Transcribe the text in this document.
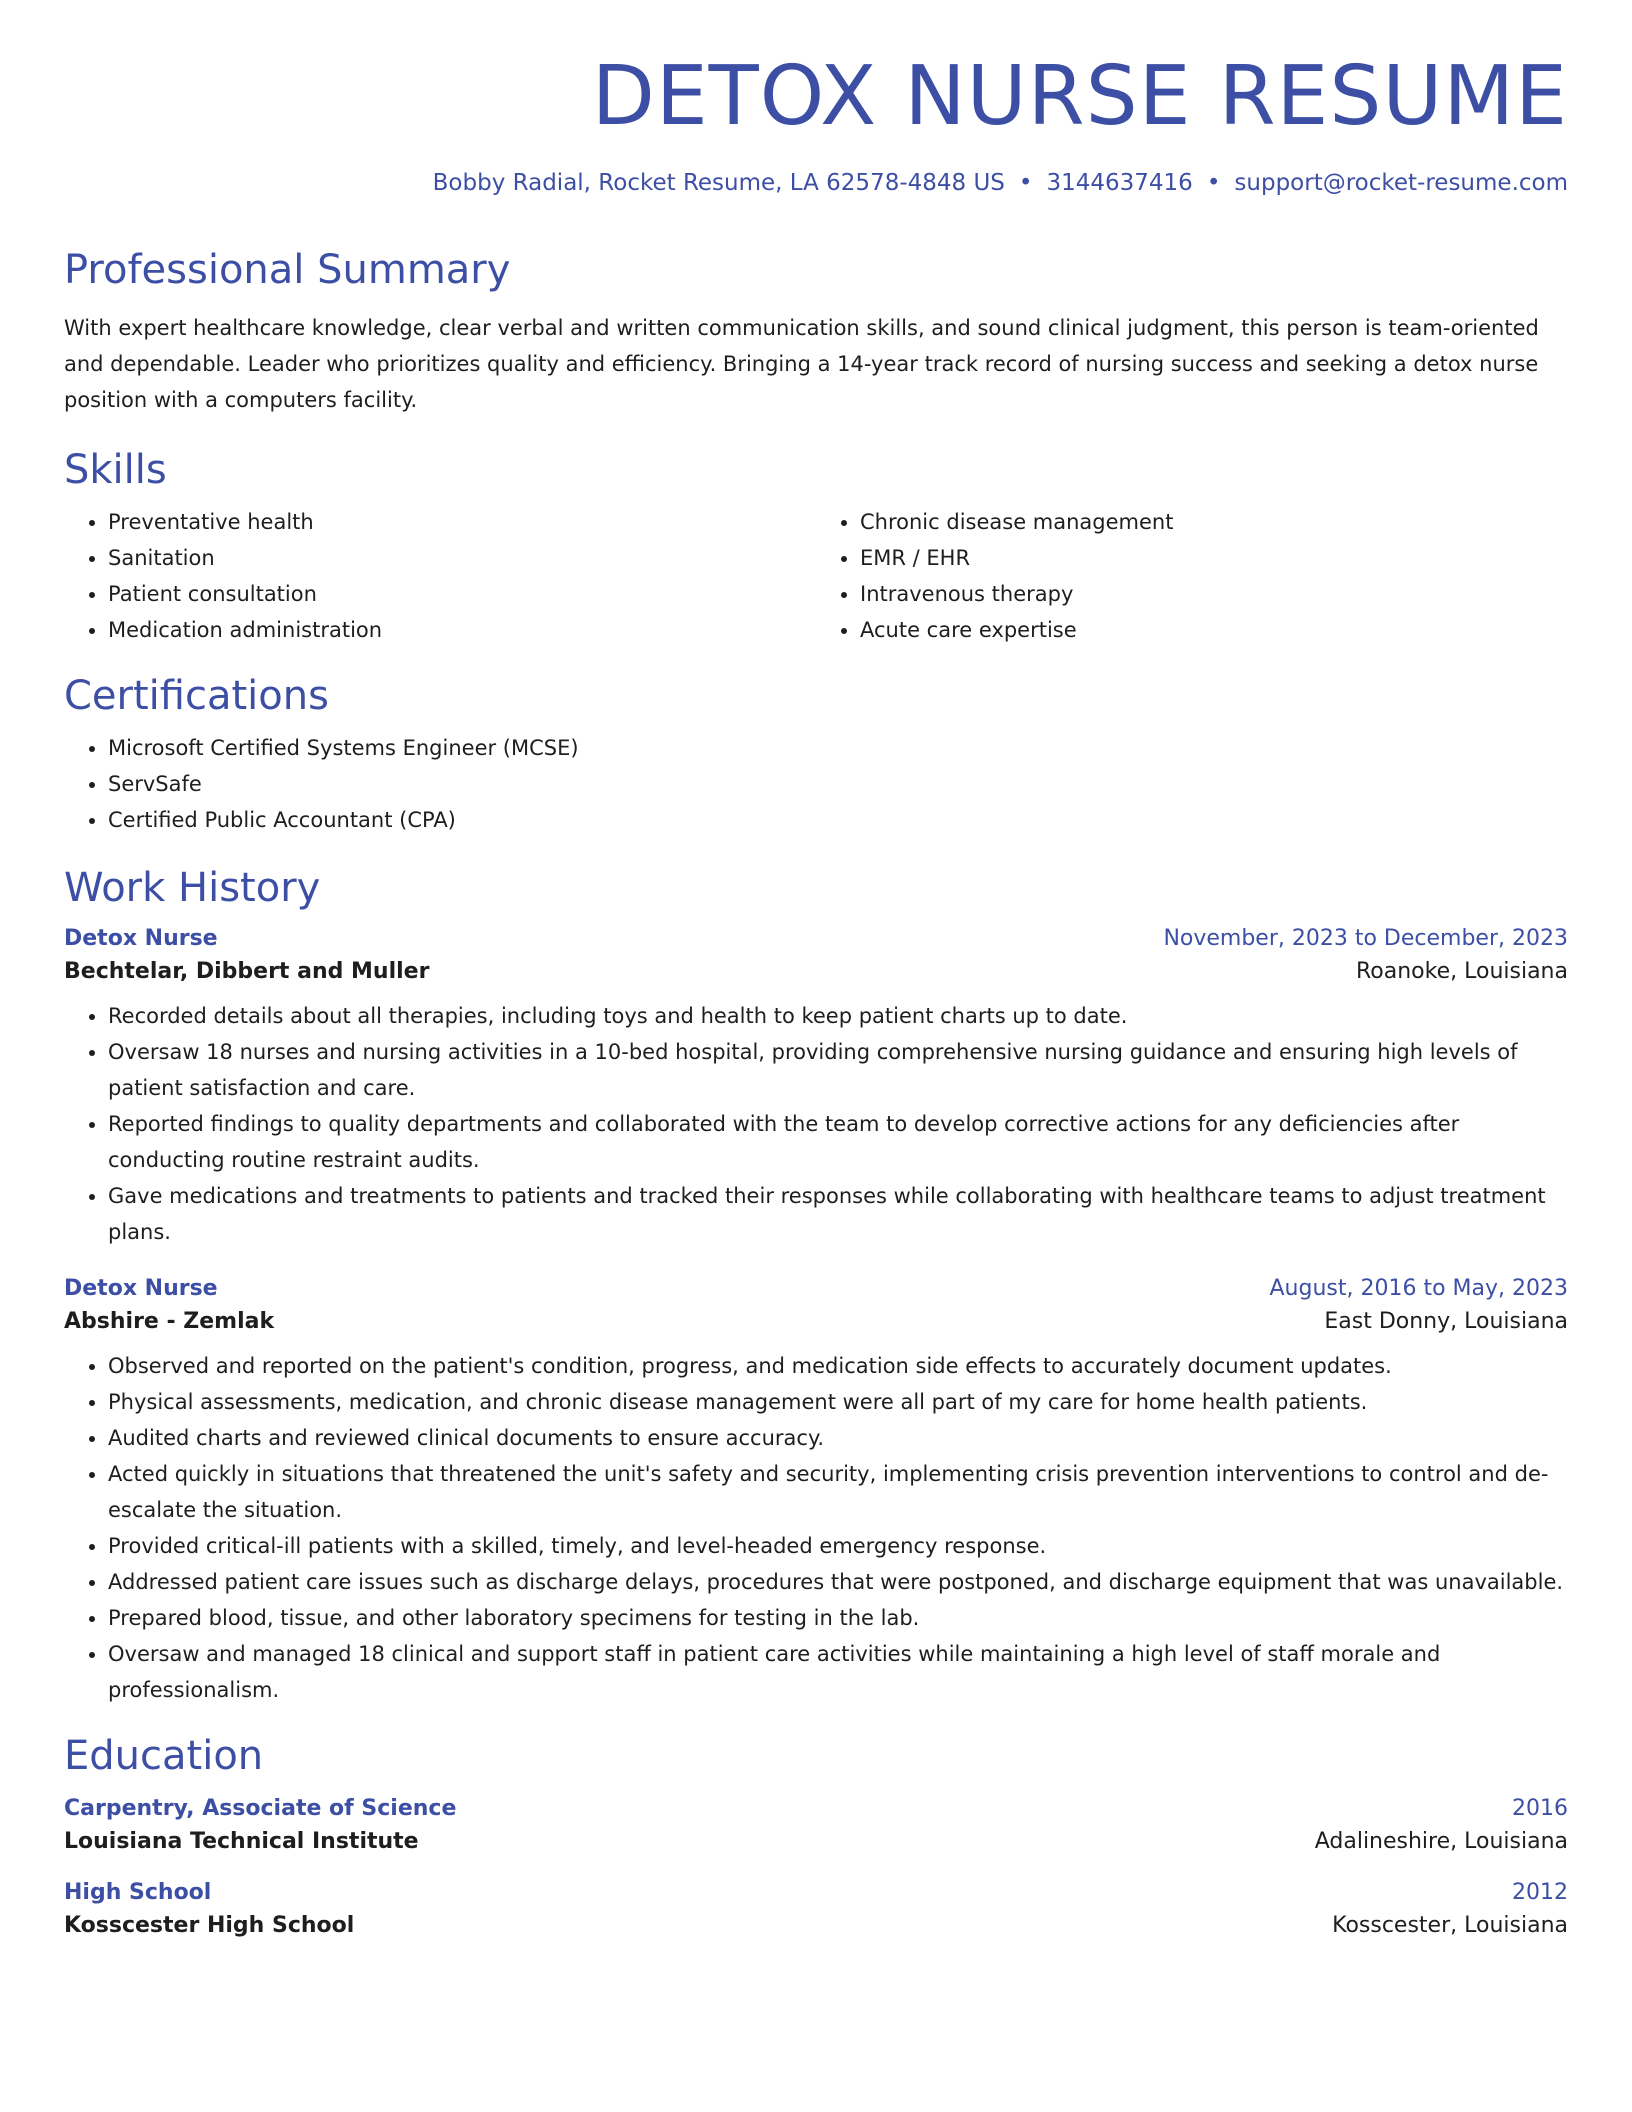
DETOX NURSE RESUME
Bobby Radial, Rocket Resume, LA 62578-4848 US • 3144637416 • support@rocket-resume.com
Professional Summary

With expert healthcare knowledge, clear verbal and written communication skills, and sound clinical judgment, this person is team-oriented and dependable. Leader who prioritizes quality and efficiency. Bringing a 14-year track record of nursing success and seeking a detox nurse position with a computers facility.

Skills
• Preventative health
• Sanitation
• Patient consultation
• Medication administration
• Chronic disease management
• EMR / EHR
• Intravenous therapy
• Acute care expertise
Certifications
• Microsoft Certified Systems Engineer (MCSE)
• ServSafe
• Certified Public Accountant (CPA)
Work History
Detox Nurse	November, 2023 to December, 2023
Bechtelar, Dibbert and Muller	Roanoke, Louisiana
• Recorded details about all therapies, including toys and health to keep patient charts up to date.
• Oversaw 18 nurses and nursing activities in a 10-bed hospital, providing comprehensive nursing guidance and ensuring high levels of patient satisfaction and care.
• Reported findings to quality departments and collaborated with the team to develop corrective actions for any deficiencies after conducting routine restraint audits.
• Gave medications and treatments to patients and tracked their responses while collaborating with healthcare teams to adjust treatment plans.
Detox Nurse	August, 2016 to May, 2023
Abshire - Zemlak	East Donny, Louisiana
• Observed and reported on the patient's condition, progress, and medication side effects to accurately document updates.
• Physical assessments, medication, and chronic disease management were all part of my care for home health patients.
• Audited charts and reviewed clinical documents to ensure accuracy.
• Acted quickly in situations that threatened the unit's safety and security, implementing crisis prevention interventions to control and de-escalate the situation.
• Provided critical-ill patients with a skilled, timely, and level-headed emergency response.
• Addressed patient care issues such as discharge delays, procedures that were postponed, and discharge equipment that was unavailable.
• Prepared blood, tissue, and other laboratory specimens for testing in the lab.
• Oversaw and managed 18 clinical and support staff in patient care activities while maintaining a high level of staff morale and professionalism.
Education
Carpentry, Associate of Science	2016
Louisiana Technical Institute	Adalineshire, Louisiana
High School	2012
Kosscester High School	Kosscester, Louisiana
